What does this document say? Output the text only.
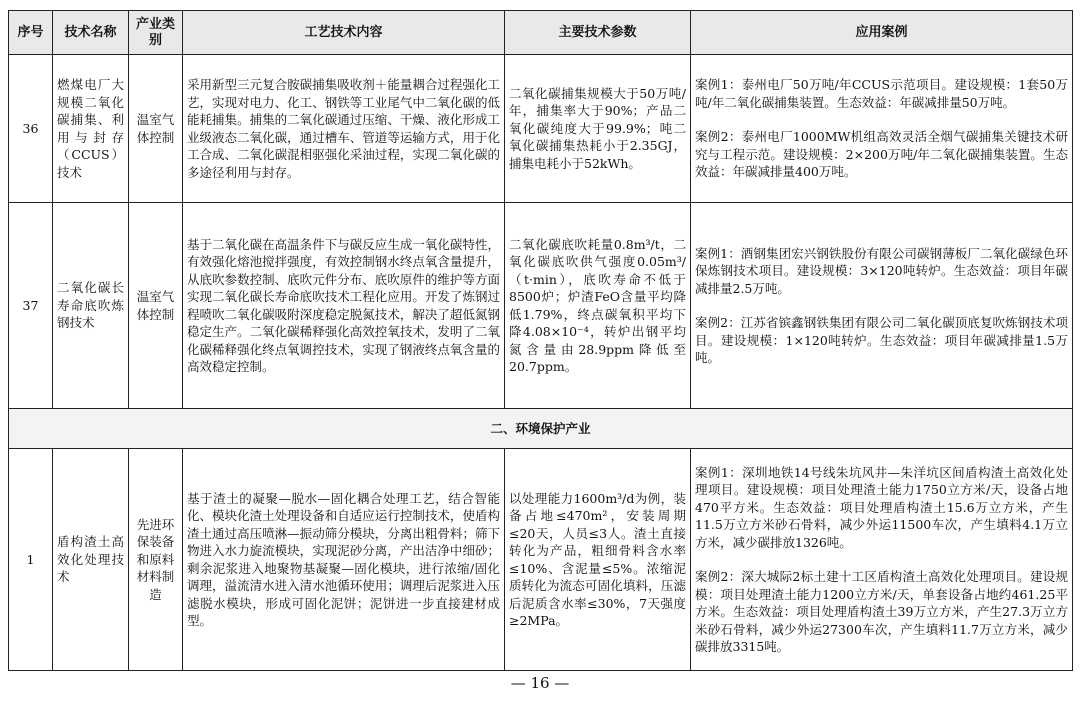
序号	技术名称	产业类别	工艺技术内容	主要技术参数	应用案例
36	燃煤电厂大规模二氧化碳捕集、利用与封存（CCUS）技术	温室气体控制	采用新型三元复合胺碳捕集吸收剂＋能量耦合过程强化工艺，实现对电力、化工、钢铁等工业尾气中二氧化碳的低能耗捕集。捕集的二氧化碳通过压缩、干燥、液化形成工业级液态二氧化碳，通过槽车、管道等运输方式，用于化工合成、二氧化碳混相驱强化采油过程，实现二氧化碳的多途径利用与封存。	二氧化碳捕集规模大于50万吨/年，捕集率大于90%；产品二氧化碳纯度大于99.9%；吨二氧化碳捕集热耗小于2.35GJ，捕集电耗小于52kWh。	案例1：泰州电厂50万吨/年CCUS示范项目。建设规模：1套50万吨/年二氧化碳捕集装置。生态效益：年碳减排量50万吨。
案例2：泰州电厂1000MW机组高效灵活全烟气碳捕集关键技术研究与工程示范。建设规模：2×200万吨/年二氧化碳捕集装置。生态效益：年碳减排量400万吨。

37	二氧化碳长寿命底吹炼钢技术	温室气体控制	基于二氧化碳在高温条件下与碳反应生成一氧化碳特性，有效强化熔池搅拌强度，有效控制钢水终点氧含量提升，从底吹参数控制、底吹元件分布、底吹原件的维护等方面实现二氧化碳长寿命底吹技术工程化应用。开发了炼钢过程喷吹二氧化碳吸附深度稳定脱氮技术，解决了超低氮钢稳定生产。二氧化碳稀释强化高效控氧技术，发明了二氧化碳稀释强化终点氧调控技术，实现了钢液终点氧含量的高效稳定控制。	二氧化碳底吹耗量0.8m³/t，二氧化碳底吹供气强度0.05m³/（t·min），底吹寿命不低于8500炉；炉渣FeO含量平均降低1.79%，终点碳氧积平均下降4.08×10⁻⁴，转炉出钢平均氮含量由28.9ppm降低至20.7ppm。	案例1：酒钢集团宏兴钢铁股份有限公司碳钢薄板厂二氧化碳绿色环保炼钢技术项目。建设规模：3×120吨转炉。生态效益：项目年碳减排量2.5万吨。
案例2：江苏省镔鑫钢铁集团有限公司二氧化碳顶底复吹炼钢技术项目。建设规模：1×120吨转炉。生态效益：项目年碳减排量1.5万吨。

二、环境保护产业					
1	盾构渣土高效化处理技术	先进环保装备和原料材料制造	基于渣土的凝聚—脱水—固化耦合处理工艺，结合智能化、模块化渣土处理设备和自适应运行控制技术，使盾构渣土通过高压喷淋—振动筛分模块，分离出粗骨料；筛下物进入水力旋流模块，实现泥砂分离，产出洁净中细砂；剩余泥浆进入地聚物基凝聚—固化模块，进行浓缩/固化调理，溢流清水进入清水池循环使用；调理后泥浆进入压滤脱水模块，形成可固化泥饼；泥饼进一步直接建材成型。	以处理能力1600m³/d为例，装备占地≤470m²，安装周期≤20天，人员≤3人。渣土直接转化为产品，粗细骨料含水率≤10%、含泥量≤5%。浓缩泥质转化为流态可固化填料，压滤后泥质含水率≤30%，7天强度≥2MPa。	案例1：深圳地铁14号线朱坑风井—朱洋坑区间盾构渣土高效化处理项目。建设规模：项目处理渣土能力1750立方米/天，设备占地470平方米。生态效益：项目处理盾构渣土15.6万立方米，产生11.5万立方米砂石骨料，减少外运11500车次，产生填料4.1万立方米，减少碳排放1326吨。
案例2：深大城际2标土建十工区盾构渣土高效化处理项目。建设规模：项目处理渣土能力1200立方米/天，单套设备占地约461.25平方米。生态效益：项目处理盾构渣土39万立方米，产生27.3万立方米砂石骨料，减少外运27300车次，产生填料11.7万立方米，减少碳排放3315吨。
— 16 —
